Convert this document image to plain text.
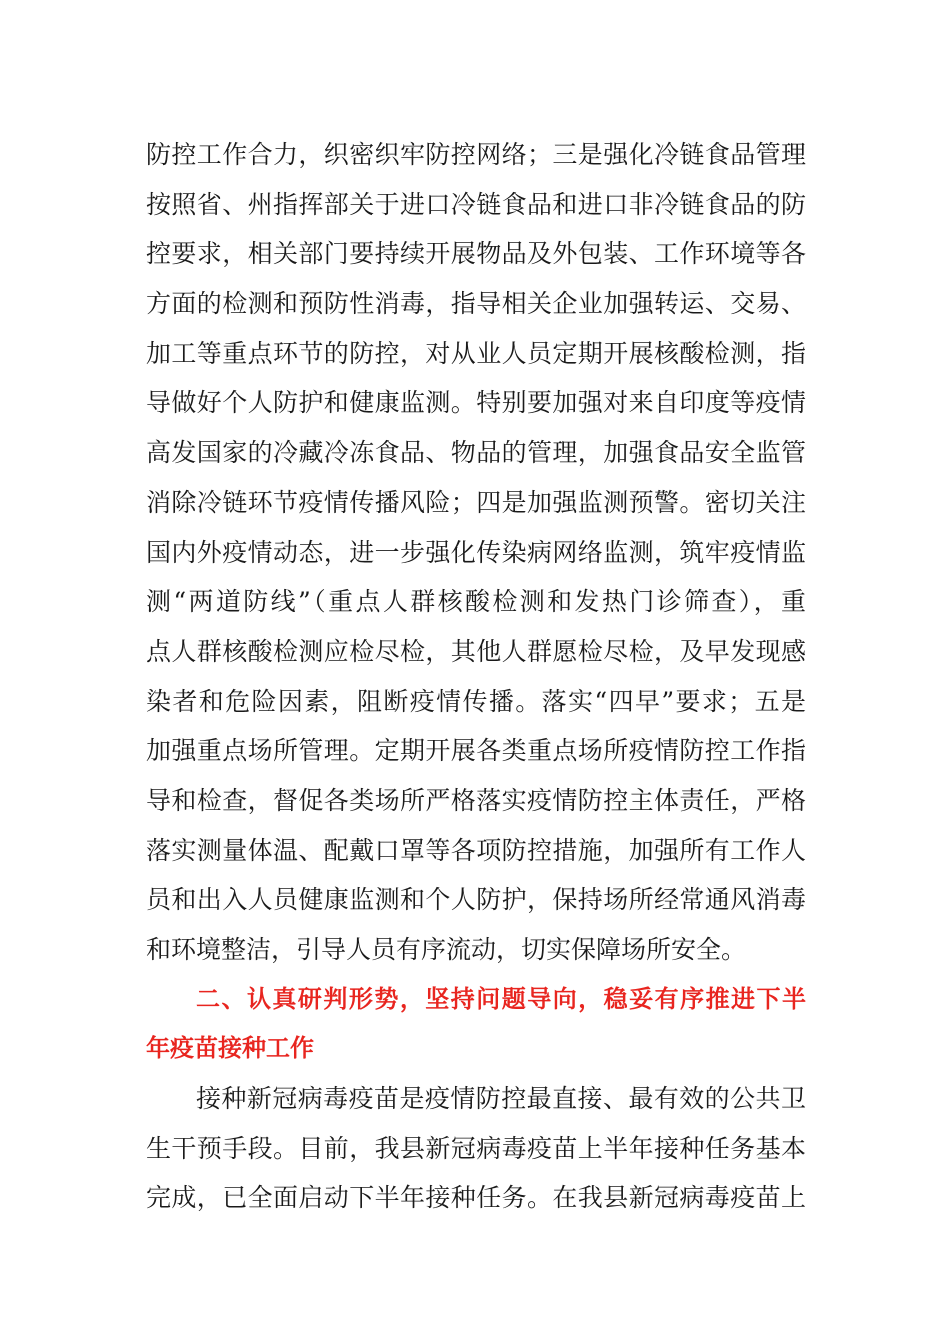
防控工作合力，织密织牢防控网络；三是强化冷链食品管理
按照省、州指挥部关于进口冷链食品和进口非冷链食品的防
控要求，相关部门要持续开展物品及外包装、工作环境等各
方面的检测和预防性消毒，指导相关企业加强转运、交易、
加工等重点环节的防控，对从业人员定期开展核酸检测，指
导做好个人防护和健康监测。特别要加强对来自印度等疫情
高发国家的冷藏冷冻食品、物品的管理，加强食品安全监管
消除冷链环节疫情传播风险；四是加强监测预警。密切关注
国内外疫情动态，进一步强化传染病网络监测，筑牢疫情监
测“两道防线”（重点人群核酸检测和发热门诊筛查），重
点人群核酸检测应检尽检，其他人群愿检尽检，及早发现感
染者和危险因素，阻断疫情传播。落实“四早”要求；五是
加强重点场所管理。定期开展各类重点场所疫情防控工作指
导和检查，督促各类场所严格落实疫情防控主体责任，严格
落实测量体温、配戴口罩等各项防控措施，加强所有工作人
员和出入人员健康监测和个人防护，保持场所经常通风消毒
和环境整洁，引导人员有序流动，切实保障场所安全。
二、认真研判形势，坚持问题导向，稳妥有序推进下半
年疫苗接种工作
接种新冠病毒疫苗是疫情防控最直接、最有效的公共卫
生干预手段。目前，我县新冠病毒疫苗上半年接种任务基本
完成，已全面启动下半年接种任务。在我县新冠病毒疫苗上
